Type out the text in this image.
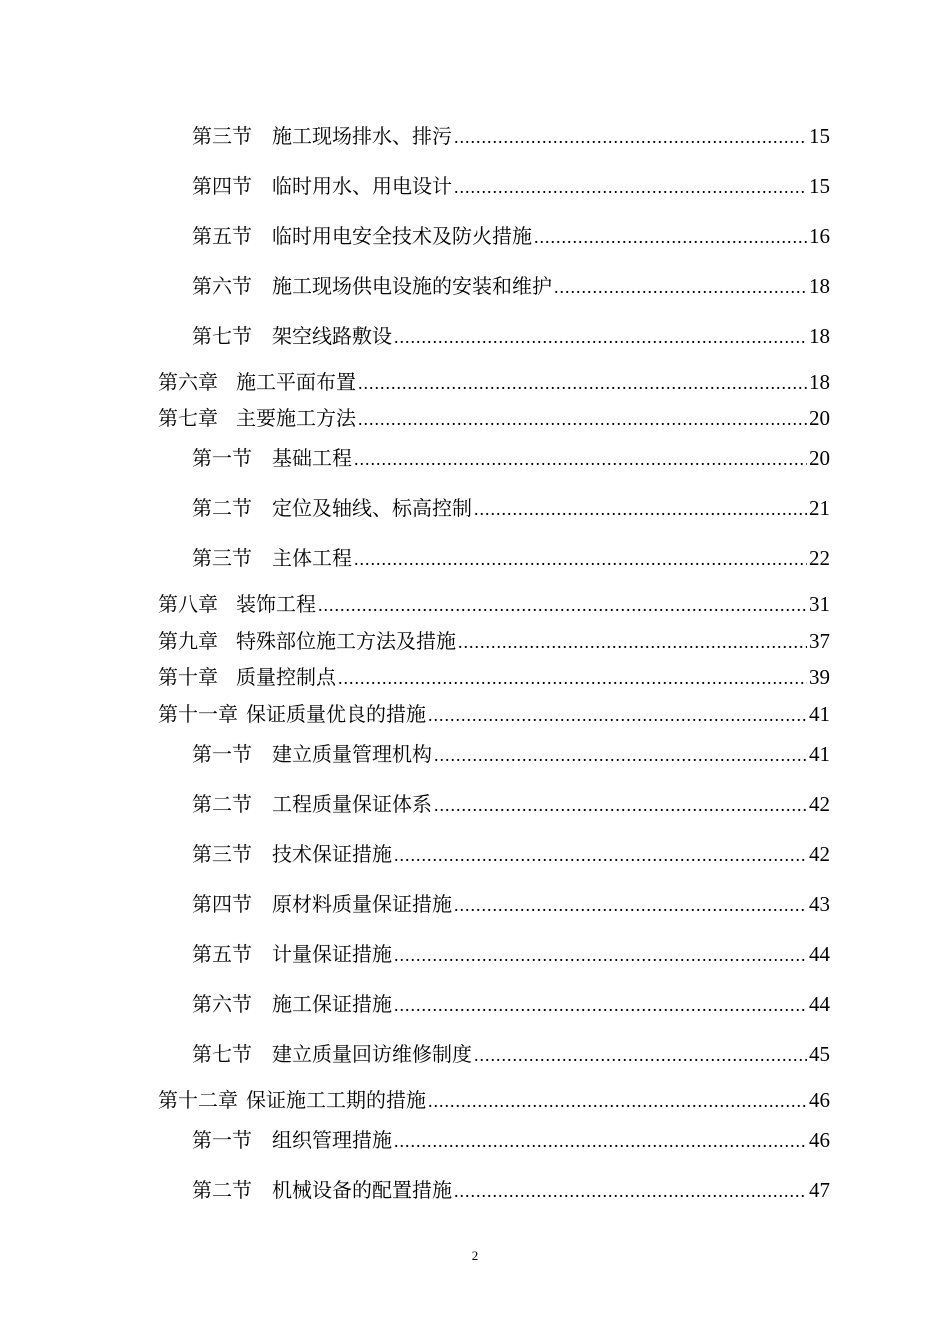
第三节 施工现场排水、排污 .....	15
第四节 临时用水、用电设计 .....	15
第五节 临时用电安全技术及防火措施 .....	16
第六节 施工现场供电设施的安装和维护 .....	18
第七节 架空线路敷设 .....	18
第六章 施工平面布置 .....	18
第七章 主要施工方法 .....	20
第一节 基础工程 .....	20
第二节 定位及轴线、标高控制 .....	21
第三节 主体工程 .....	22
第八章 装饰工程 .....	31
第九章 特殊部位施工方法及措施 .....	37
第十章 质量控制点 .....	39
第十一章 保证质量优良的措施 .....	41
第一节 建立质量管理机构 .....	41
第二节 工程质量保证体系 .....	42
第三节 技术保证措施 .....	42
第四节 原材料质量保证措施 .....	43
第五节 计量保证措施 .....	44
第六节 施工保证措施 .....	44
第七节 建立质量回访维修制度 .....	45
第十二章 保证施工工期的措施 .....	46
第一节 组织管理措施 .....	46
第二节 机械设备的配置措施 .....	47
2
